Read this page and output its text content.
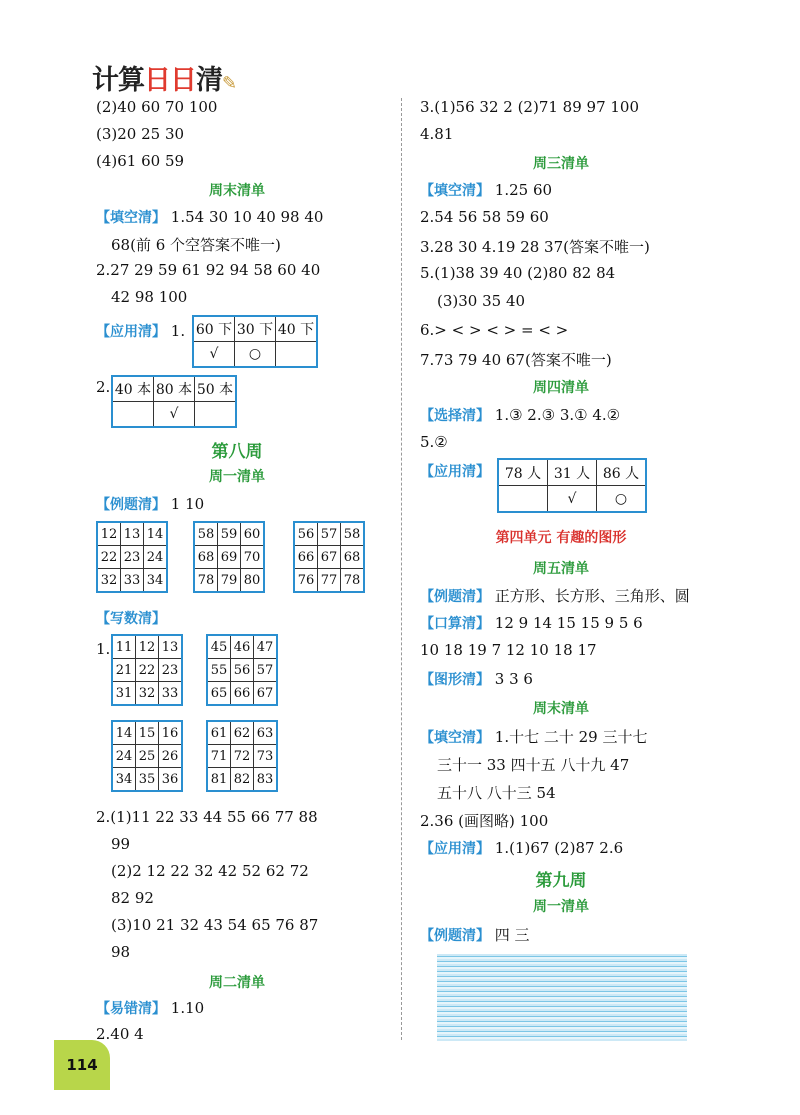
计算日日清✎
(2)40 60 70 100
(3)20 25 30
(4)61 60 59
周末清单
【填空清】 1.54 30 10 40 98 40
68(前 6 个空答案不唯一)
2.27 29 59 61 92 94 58 60 40
42 98 100
【应用清】 1. 60 下	30 下	40 下
√	○	
2. 40 本	80 本	50 本
	√	
第八周
周一清单
【例题清】 1 10
12	13	14
22	23	24
32	33	34
58	59	60
68	69	70
78	79	80
56	57	58
66	67	68
76	77	78
【写数清】
1. 11	12	13
21	22	23
31	32	33
45	46	47
55	56	57
65	66	67
14	15	16
24	25	26
34	35	36
61	62	63
71	72	73
81	82	83
2.(1)11 22 33 44 55 66 77 88
99
(2)2 12 22 32 42 52 62 72
82 92
(3)10 21 32 43 54 65 76 87
98
周二清单
【易错清】 1.10
2.40 4
3.(1)56 32 2 (2)71 89 97 100
4.81
周三清单
【填空清】 1.25 60
2.54 56 58 59 60
3.28 30 4.19 28 37(答案不唯一)
5.(1)38 39 40 (2)80 82 84
(3)30 35 40
6.> < > < > = < >
7.73 79 40 67(答案不唯一)
周四清单
【选择清】 1.③ 2.③ 3.① 4.②
5.②
【应用清】 78 人	31 人	86 人
	√	○
第四单元 有趣的图形
周五清单
【例题清】 正方形、长方形、三角形、圆
【口算清】 12 9 14 15 15 9 5 6
10 18 19 7 12 10 18 17
【图形清】 3 3 6
周末清单
【填空清】 1.十七 二十 29 三十七
三十一 33 四十五 八十九 47
五十八 八十三 54
2.36 (画图略) 100
【应用清】 1.(1)67 (2)87 2.6
第九周
周一清单
【例题清】 四 三
114
